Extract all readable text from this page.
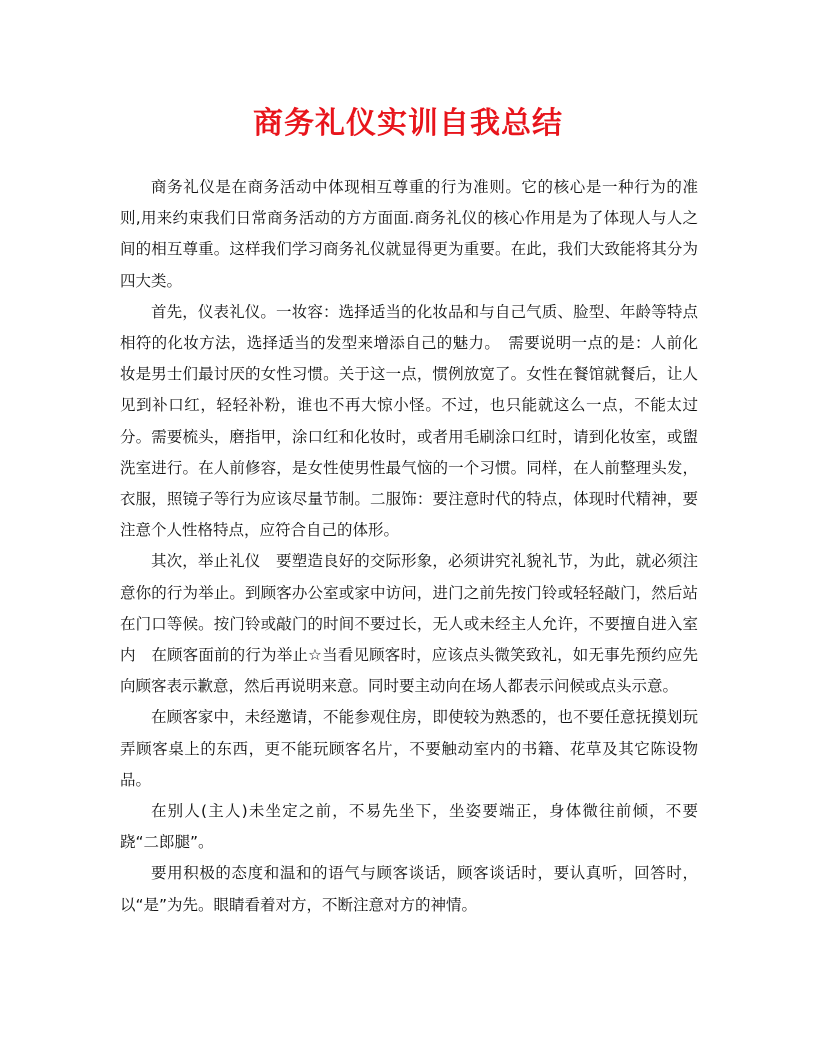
商务礼仪实训自我总结

商务礼仪是在商务活动中体现相互尊重的行为准则。它的核心是一种行为的准则,用来约束我们日常商务活动的方方面面.商务礼仪的核心作用是为了体现人与人之间的相互尊重。这样我们学习商务礼仪就显得更为重要。在此，我们大致能将其分为四大类。

首先，仪表礼仪。一妆容：选择适当的化妆品和与自己气质、脸型、年龄等特点相符的化妆方法，选择适当的发型来增添自己的魅力。　需要说明一点的是：人前化妆是男士们最讨厌的女性习惯。关于这一点，惯例放宽了。女性在餐馆就餐后，让人见到补口红，轻轻补粉，谁也不再大惊小怪。不过，也只能就这么一点，不能太过分。需要梳头，磨指甲，涂口红和化妆时，或者用毛刷涂口红时，请到化妆室，或盥洗室进行。在人前修容，是女性使男性最气恼的一个习惯。同样，在人前整理头发，衣服，照镜子等行为应该尽量节制。二服饰：要注意时代的特点，体现时代精神，要注意个人性格特点，应符合自己的体形。

其次，举止礼仪　要塑造良好的交际形象，必须讲究礼貌礼节，为此，就必须注意你的行为举止。到顾客办公室或家中访问，进门之前先按门铃或轻轻敲门，然后站在门口等候。按门铃或敲门的时间不要过长，无人或未经主人允许，不要擅自进入室内　在顾客面前的行为举止☆当看见顾客时，应该点头微笑致礼，如无事先预约应先向顾客表示歉意，然后再说明来意。同时要主动向在场人都表示问候或点头示意。

在顾客家中，未经邀请，不能参观住房，即使较为熟悉的，也不要任意抚摸划玩弄顾客桌上的东西，更不能玩顾客名片，不要触动室内的书籍、花草及其它陈设物品。

在别人(主人)未坐定之前，不易先坐下，坐姿要端正，身体微往前倾，不要跷“二郎腿”。

要用积极的态度和温和的语气与顾客谈话，顾客谈话时，要认真听，回答时，以“是”为先。眼睛看着对方，不断注意对方的神情。
